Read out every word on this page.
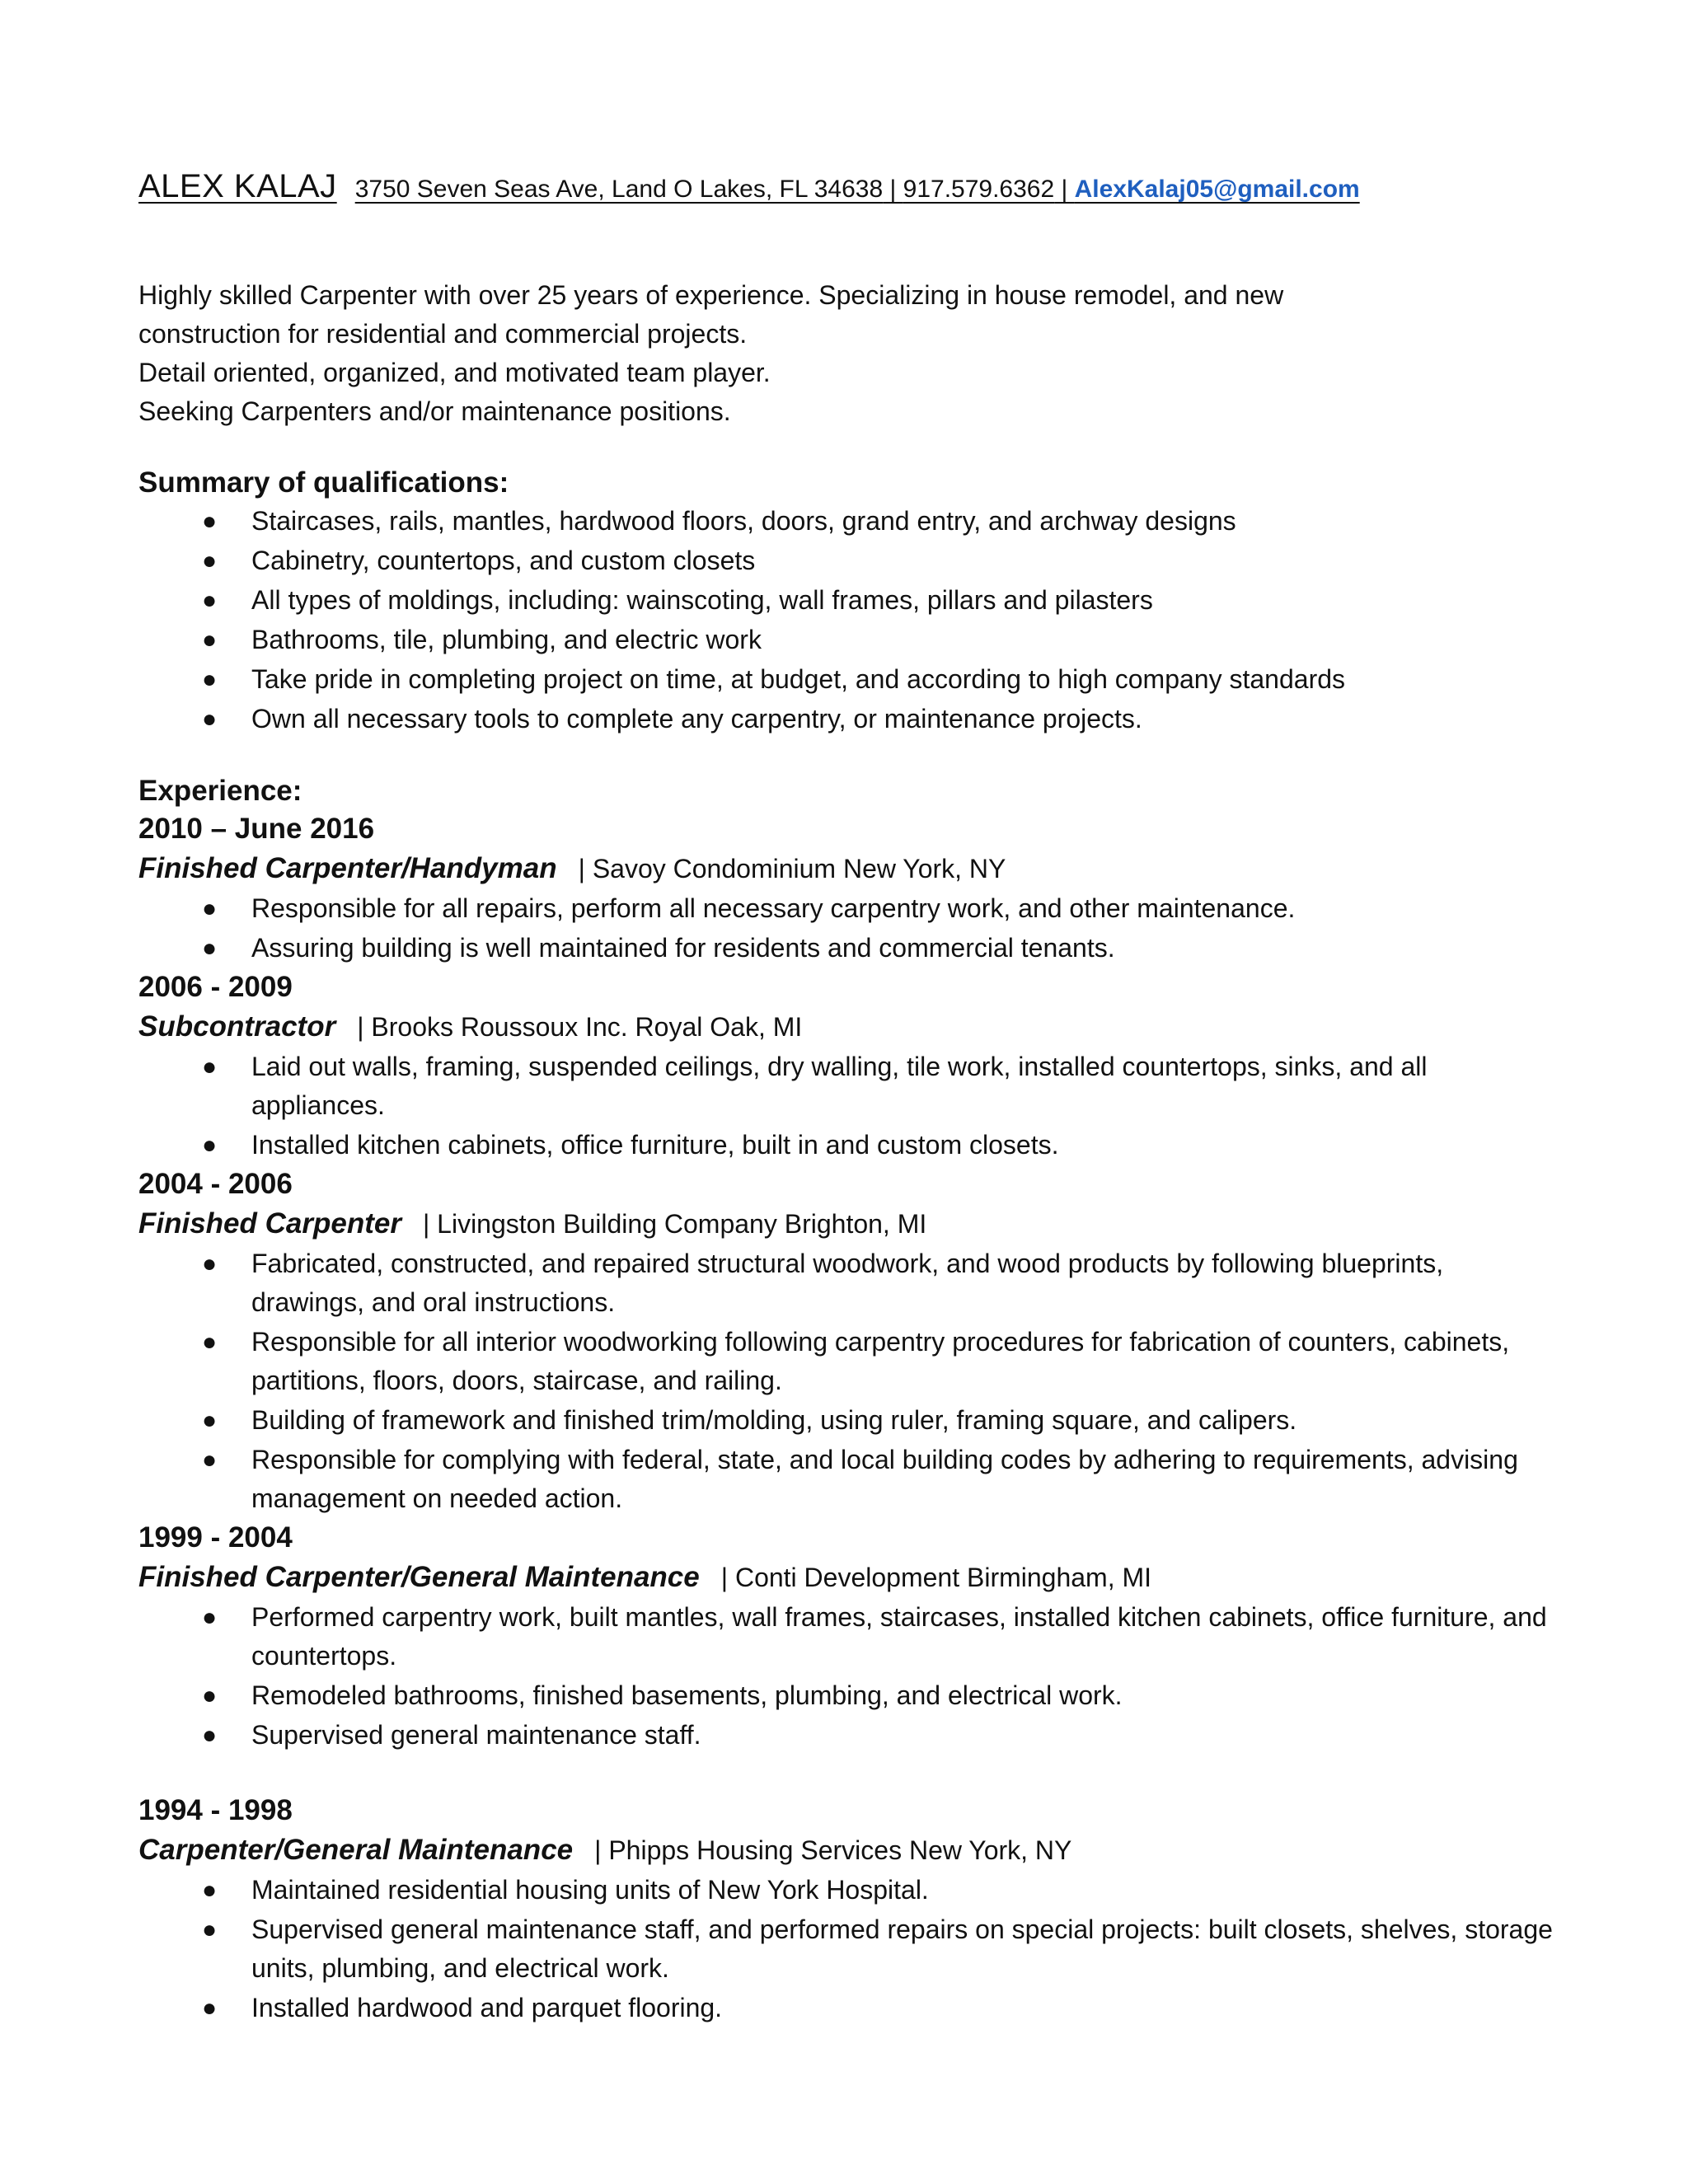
ALEX KALAJ 3750 Seven Seas Ave, Land O Lakes, FL 34638 | 917.579.6362 | AlexKalaj05@gmail.com

Highly skilled Carpenter with over 25 years of experience. Specializing in house remodel, and new

construction for residential and commercial projects.

Detail oriented, organized, and motivated team player.

Seeking Carpenters and/or maintenance positions.

Summary of qualifications:
● Staircases, rails, mantles, hardwood floors, doors, grand entry, and archway designs
● Cabinetry, countertops, and custom closets
● All types of moldings, including: wainscoting, wall frames, pillars and pilasters
● Bathrooms, tile, plumbing, and electric work
● Take pride in completing project on time, at budget, and according to high company standards
● Own all necessary tools to complete any carpentry, or maintenance projects.
Experience:
2010 – June 2016
Finished Carpenter/Handyman | Savoy Condominium New York, NY
● Responsible for all repairs, perform all necessary carpentry work, and other maintenance.
● Assuring building is well maintained for residents and commercial tenants.
2006 - 2009
Subcontractor | Brooks Roussoux Inc. Royal Oak, MI
● Laid out walls, framing, suspended ceilings, dry walling, tile work, installed countertops, sinks, and all appliances.
● Installed kitchen cabinets, office furniture, built in and custom closets.
2004 - 2006
Finished Carpenter | Livingston Building Company Brighton, MI
● Fabricated, constructed, and repaired structural woodwork, and wood products by following blueprints, drawings, and oral instructions.
● Responsible for all interior woodworking following carpentry procedures for fabrication of counters, cabinets, partitions, floors, doors, staircase, and railing.
● Building of framework and finished trim/molding, using ruler, framing square, and calipers.
● Responsible for complying with federal, state, and local building codes by adhering to requirements, advising management on needed action.
1999 - 2004
Finished Carpenter/General Maintenance | Conti Development Birmingham, MI
● Performed carpentry work, built mantles, wall frames, staircases, installed kitchen cabinets, office furniture, and countertops.
● Remodeled bathrooms, finished basements, plumbing, and electrical work.
● Supervised general maintenance staff.
1994 - 1998
Carpenter/General Maintenance | Phipps Housing Services New York, NY
● Maintained residential housing units of New York Hospital.
● Supervised general maintenance staff, and performed repairs on special projects: built closets, shelves, storage units, plumbing, and electrical work.
● Installed hardwood and parquet flooring.
